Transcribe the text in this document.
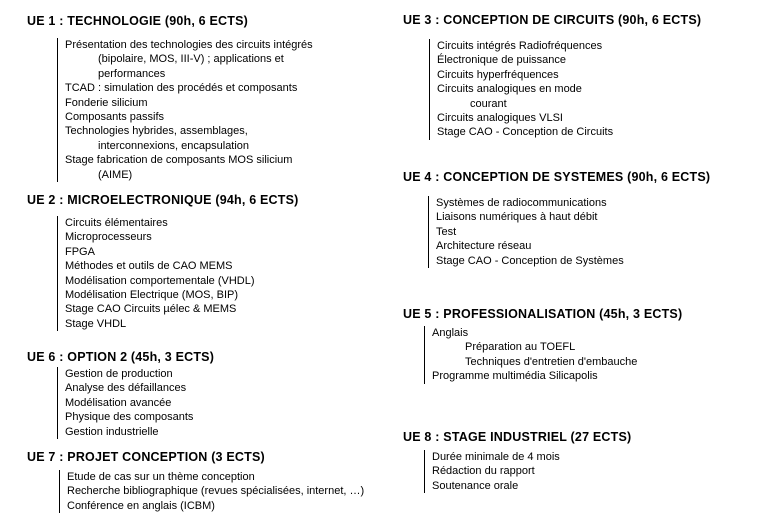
UE 1 : TECHNOLOGIE (90h, 6 ECTS)
Présentation des technologies des circuits intégrés
(bipolaire, MOS, III-V) ; applications et
performances
TCAD : simulation des procédés et composants
Fonderie silicium
Composants passifs
Technologies hybrides, assemblages,
interconnexions, encapsulation
Stage fabrication de composants MOS silicium
(AIME)
UE 2 : MICROELECTRONIQUE (94h, 6 ECTS)
Circuits élémentaires
Microprocesseurs
FPGA
Méthodes et outils de CAO MEMS
Modélisation comportementale (VHDL)
Modélisation Electrique (MOS, BIP)
Stage CAO Circuits µélec & MEMS
Stage VHDL
UE 6 : OPTION 2 (45h, 3 ECTS)
Gestion de production
Analyse des défaillances
Modélisation avancée
Physique des composants
Gestion industrielle
UE 7 : PROJET CONCEPTION (3 ECTS)
Etude de cas sur un thème conception
Recherche bibliographique (revues spécialisées, internet, …)
Conférence en anglais (ICBM)
UE 3 : CONCEPTION DE CIRCUITS (90h, 6 ECTS)
Circuits intégrés Radiofréquences
Électronique de puissance
Circuits hyperfréquences
Circuits analogiques en mode
courant
Circuits analogiques VLSI
Stage CAO - Conception de Circuits
UE 4 : CONCEPTION DE SYSTEMES (90h, 6 ECTS)
Systèmes de radiocommunications
Liaisons numériques à haut débit
Test
Architecture réseau
Stage CAO - Conception de Systèmes
UE 5 : PROFESSIONALISATION (45h, 3 ECTS)
Anglais
Préparation au TOEFL
Techniques d'entretien d'embauche
Programme multimédia Silicapolis
UE 8 : STAGE INDUSTRIEL (27 ECTS)
Durée minimale de 4 mois
Rédaction du rapport
Soutenance orale
